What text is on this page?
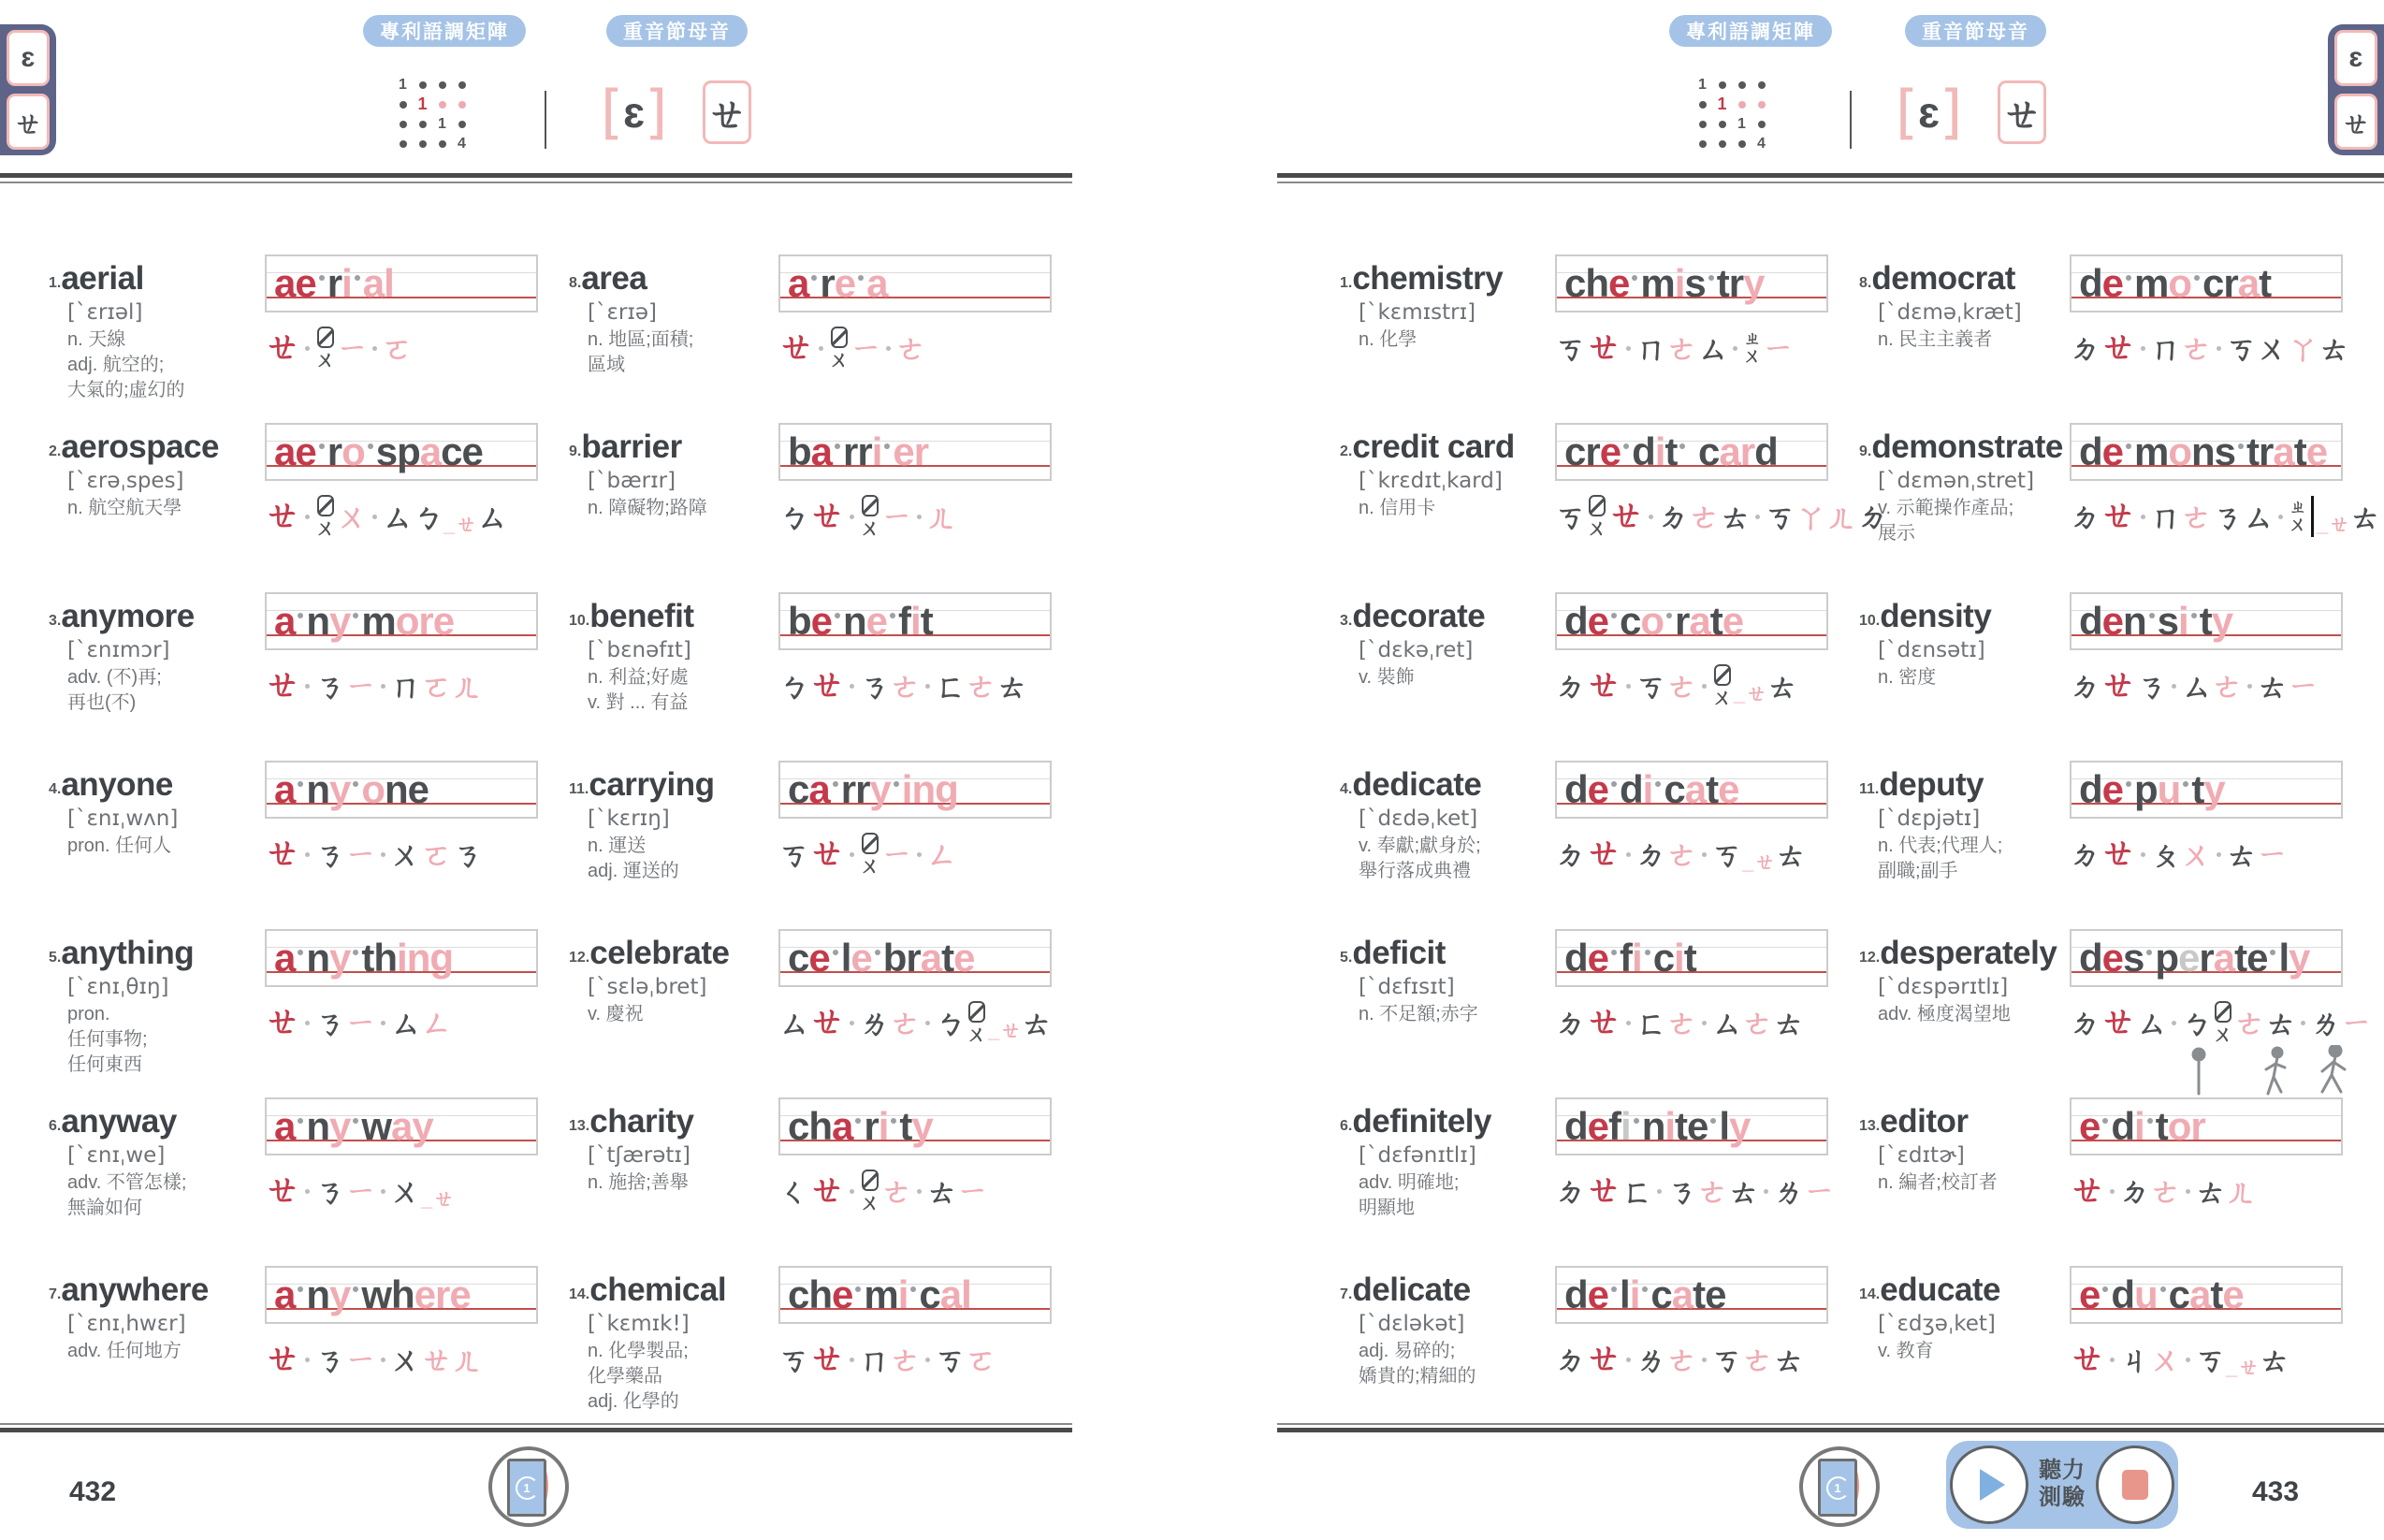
ɛ
ㄝ
專利語調矩陣
1
1
1
4
重音節母音
[ ɛ ] ㄝ
432	1
1. aerial
[ˋɛrɪəl]
n. 天線
adj. 航空的;
大氣的;虛幻的
ae r i al
ㄝ ㄨ ㄧ ㄛ
2. aerospace
[ˋɛrəˌspes]
n. 航空航天學
ae r o sp a ce
ㄝ ㄨ ㄨ ㄙ ㄅ _ ㄝ ㄙ
3. anymore
[ˋɛnɪmɔr]
adv. (不)再;
再也(不)
a n y m ore
ㄝ ㄋ ㄧ ㄇ ㄛ ㄦ
4. anyone
[ˋɛnɪˌwʌn]
pron. 任何人
a n y o ne
ㄝ ㄋ ㄧ ㄨ ㄛ ㄋ
5. anything
[ˋɛnɪˌθɪŋ]
pron.
任何事物;
任何東西
a n y th ing
ㄝ ㄋ ㄧ ㄙ ㄥ
6. anyway
[ˋɛnɪˌwe]
adv. 不管怎樣;
無論如何
a n y w ay
ㄝ ㄋ ㄧ ㄨ _ ㄝ
7. anywhere
[ˋɛnɪˌhwɛr]
adv. 任何地方
a n y wh ere
ㄝ ㄋ ㄧ ㄨ ㄝ ㄦ
8. area
[ˋɛrɪə]
n. 地區;面積;
區域
a r e a
ㄝ ㄨ ㄧ ㄜ
9. barrier
[ˋbærɪr]
n. 障礙物;路障
b a rr i er
ㄅ ㄝ ㄨ ㄧ ㄦ
10. benefit
[ˋbɛnəfɪt]
n. 利益;好處
v. 對 ... 有益
b e n e f i t
ㄅ ㄝ ㄋ ㄜ ㄈ ㄜ ㄊ
11. carrying
[ˋkɛrɪŋ]
n. 運送
adj. 運送的
c a rr y ing
ㄎ ㄝ ㄨ ㄧ ㄥ
12. celebrate
[ˋsɛləˌbret]
v. 慶祝
c e l e br a t e
ㄙ ㄝ ㄌ ㄜ ㄅ ㄨ _ ㄝ ㄊ
13. charity
[ˋtʃærətɪ]
n. 施捨;善舉
ch a r i t y
ㄑ ㄝ ㄨ ㄜ ㄊ ㄧ
14. chemical
[ˋkɛmɪk!]
n. 化學製品;
化學藥品
adj. 化學的
ch e m i c al
ㄎ ㄝ ㄇ ㄜ ㄎ ㄛ
專利語調矩陣
1
1
1
4
重音節母音
[ ɛ ] ㄝ
ɛ
ㄝ
1
聽力
測驗	433
1. chemistry
[ˋkɛmɪstrɪ]
n. 化學
ch e m i s tr y
ㄎ ㄝ ㄇ ㄜ ㄙ ㄓ
ㄨ ㄧ
2. credit card
[ˋkrɛdɪtˌkard]
n. 信用卡
cr e d i t c ar d
ㄎ ㄨ ㄝ ㄉ ㄜ ㄊ ㄎ ㄚ ㄦ ㄉ
3. decorate
[ˋdɛkəˌret]
v. 裝飾
d e c o r a t e
ㄉ ㄝ ㄎ ㄜ ㄨ _ ㄝ ㄊ
4. dedicate
[ˋdɛdəˌket]
v. 奉獻;獻身於;
舉行落成典禮
d e d i c a t e
ㄉ ㄝ ㄉ ㄜ ㄎ _ ㄝ ㄊ
5. deficit
[ˋdɛfɪsɪt]
n. 不足額;赤字
d e f i c i t
ㄉ ㄝ ㄈ ㄜ ㄙ ㄜ ㄊ
6. definitely
[ˋdɛfənɪtlɪ]
adv. 明確地;
明顯地
d e f i n i te l y
ㄉ ㄝ ㄈ ㄋ ㄜ ㄊ ㄌ ㄧ
7. delicate
[ˋdɛləkət]
adj. 易碎的;
嬌貴的;精細的
d e l i c a te
ㄉ ㄝ ㄌ ㄜ ㄎ ㄜ ㄊ
8. democrat
[ˋdɛməˌkræt]
n. 民主主義者
d e m o cr a t
ㄉ ㄝ ㄇ ㄜ ㄎ ㄨ ㄚ ㄊ
9. demonstrate
[ˋdɛmənˌstret]
v. 示範操作產品;
展示
d e m o ns tr a t e
ㄉ ㄝ ㄇ ㄜ ㄋ ㄙ ㄓ
ㄨ	_ ㄝ ㄊ
10. density
[ˋdɛnsətɪ]
n. 密度
d e n s i t y
ㄉ ㄝ ㄋ ㄙ ㄜ ㄊ ㄧ
11. deputy
[ˋdɛpjətɪ]
n. 代表;代理人;
副職;副手
d e p u t y
ㄉ ㄝ ㄆ ㄨ ㄊ ㄧ
12. desperately
[ˋdɛspərɪtlɪ]
adv. 極度渴望地
d e s p e r a te l y
ㄉ ㄝ ㄙ ㄅ ㄨ ㄜ ㄊ ㄌ ㄧ
13. editor
[ˋɛdɪtɚ]
n. 編者;校訂者
e d i t or
ㄝ ㄉ ㄜ ㄊ ㄦ
14. educate
[ˋɛdʒəˌket]
v. 教育
e d u c a t e
ㄝ ㄐ ㄨ ㄎ _ ㄝ ㄊ
